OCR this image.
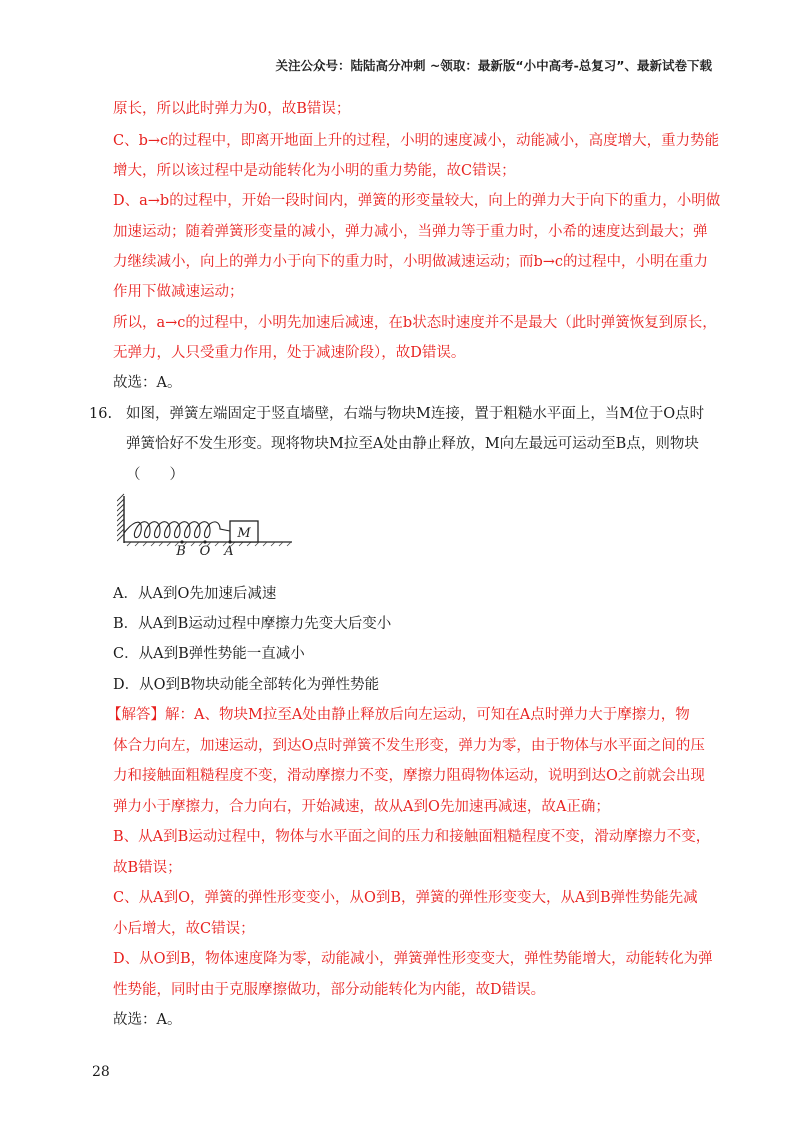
关注公众号：陆陆高分冲刺 ~领取：最新版“小中高考-总复习”、最新试卷下载
原长，所以此时弹力为0，故B错误；
C、b→c的过程中，即离开地面上升的过程，小明的速度减小，动能减小，高度增大，重力势能
增大，所以该过程中是动能转化为小明的重力势能，故C错误；
D、a→b的过程中，开始一段时间内，弹簧的形变量较大，向上的弹力大于向下的重力，小明做
加速运动；随着弹簧形变量的减小，弹力减小，当弹力等于重力时，小希的速度达到最大；弹
力继续减小，向上的弹力小于向下的重力时，小明做减速运动；而b→c的过程中，小明在重力
作用下做减速运动；
所以，a→c的过程中，小明先加速后减速，在b状态时速度并不是最大（此时弹簧恢复到原长，
无弹力，人只受重力作用，处于减速阶段），故D错误。
故选：A。
16. 如图，弹簧左端固定于竖直墙壁，右端与物块M连接，置于粗糙水平面上，当M位于O点时
弹簧恰好不发生形变。现将物块M拉至A处由静止释放，M向左最远可运动至B点，则物块
（　　）
M
B O A
A．从A到O先加速后减速
B．从A到B运动过程中摩擦力先变大后变小
C．从A到B弹性势能一直减小
D．从O到B物块动能全部转化为弹性势能
【解答】解：A、物块M拉至A处由静止释放后向左运动，可知在A点时弹力大于摩擦力，物
体合力向左，加速运动，到达O点时弹簧不发生形变，弹力为零，由于物体与水平面之间的压
力和接触面粗糙程度不变，滑动摩擦力不变，摩擦力阻碍物体运动，说明到达O之前就会出现
弹力小于摩擦力，合力向右，开始减速，故从A到O先加速再减速，故A正确；
B、从A到B运动过程中，物体与水平面之间的压力和接触面粗糙程度不变，滑动摩擦力不变，
故B错误；
C、从A到O，弹簧的弹性形变变小，从O到B，弹簧的弹性形变变大，从A到B弹性势能先减
小后增大，故C错误；
D、从O到B，物体速度降为零，动能减小，弹簧弹性形变变大，弹性势能增大，动能转化为弹
性势能，同时由于克服摩擦做功，部分动能转化为内能，故D错误。
故选：A。
28
